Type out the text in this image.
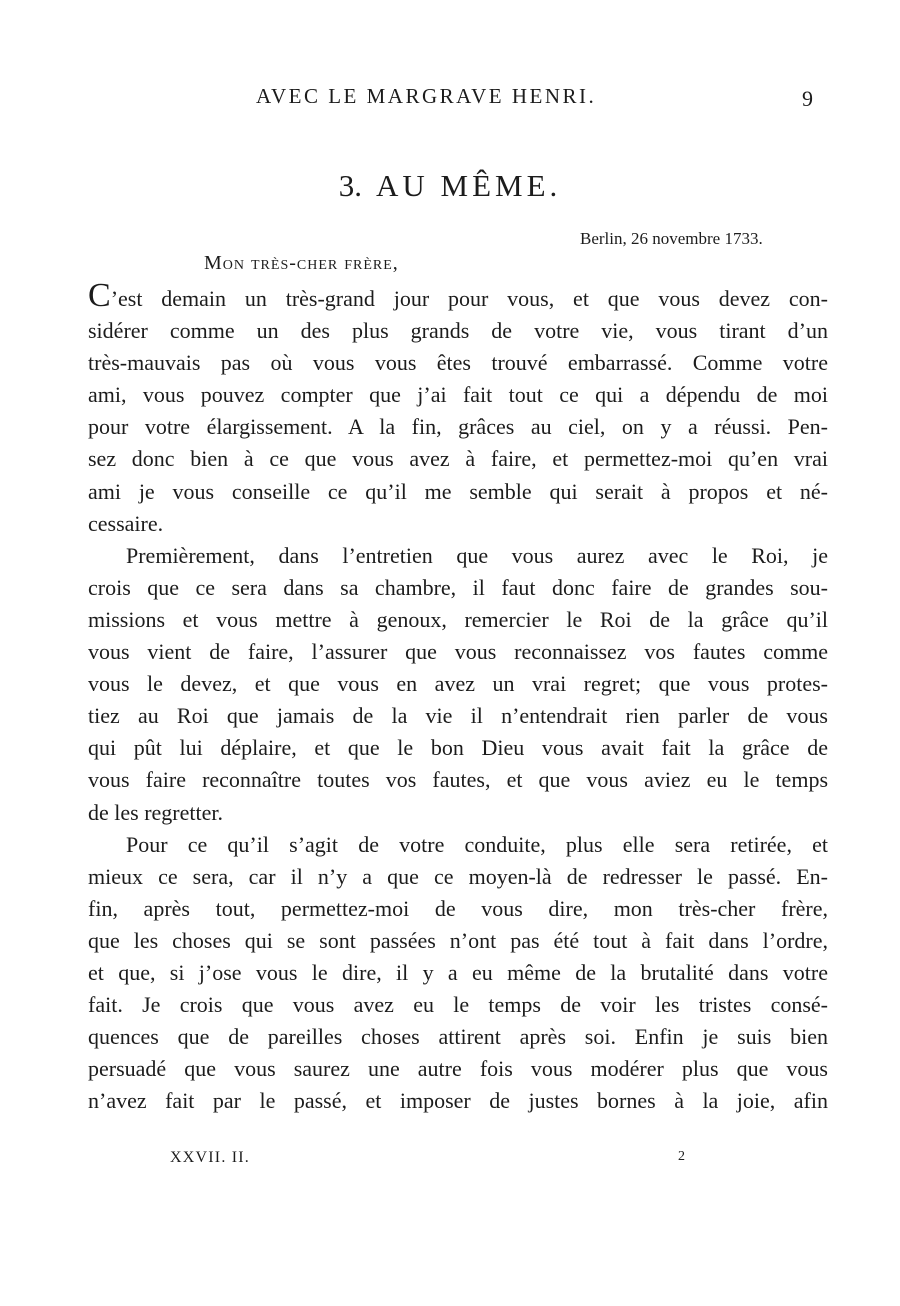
AVEC LE MARGRAVE HENRI.	9
3. AU MÊME.
Berlin, 26 novembre 1733.
Mon très-cher frère,
C’est demain un très-grand jour pour vous, et que vous devez con-
sidérer comme un des plus grands de votre vie, vous tirant d’un
très-mauvais pas où vous vous êtes trouvé embarrassé. Comme votre
ami, vous pouvez compter que j’ai fait tout ce qui a dépendu de moi
pour votre élargissement. A la fin, grâces au ciel, on y a réussi. Pen-
sez donc bien à ce que vous avez à faire, et permettez-moi qu’en vrai
ami je vous conseille ce qu’il me semble qui serait à propos et né-
cessaire.
Premièrement, dans l’entretien que vous aurez avec le Roi, je
crois que ce sera dans sa chambre, il faut donc faire de grandes sou-
missions et vous mettre à genoux, remercier le Roi de la grâce qu’il
vous vient de faire, l’assurer que vous reconnaissez vos fautes comme
vous le devez, et que vous en avez un vrai regret; que vous protes-
tiez au Roi que jamais de la vie il n’entendrait rien parler de vous
qui pût lui déplaire, et que le bon Dieu vous avait fait la grâce de
vous faire reconnaître toutes vos fautes, et que vous aviez eu le temps
de les regretter.
Pour ce qu’il s’agit de votre conduite, plus elle sera retirée, et
mieux ce sera, car il n’y a que ce moyen-là de redresser le passé. En-
fin, après tout, permettez-moi de vous dire, mon très-cher frère,
que les choses qui se sont passées n’ont pas été tout à fait dans l’ordre,
et que, si j’ose vous le dire, il y a eu même de la brutalité dans votre
fait. Je crois que vous avez eu le temps de voir les tristes consé-
quences que de pareilles choses attirent après soi. Enfin je suis bien
persuadé que vous saurez une autre fois vous modérer plus que vous
n’avez fait par le passé, et imposer de justes bornes à la joie, afin
XXVII. II.	2
